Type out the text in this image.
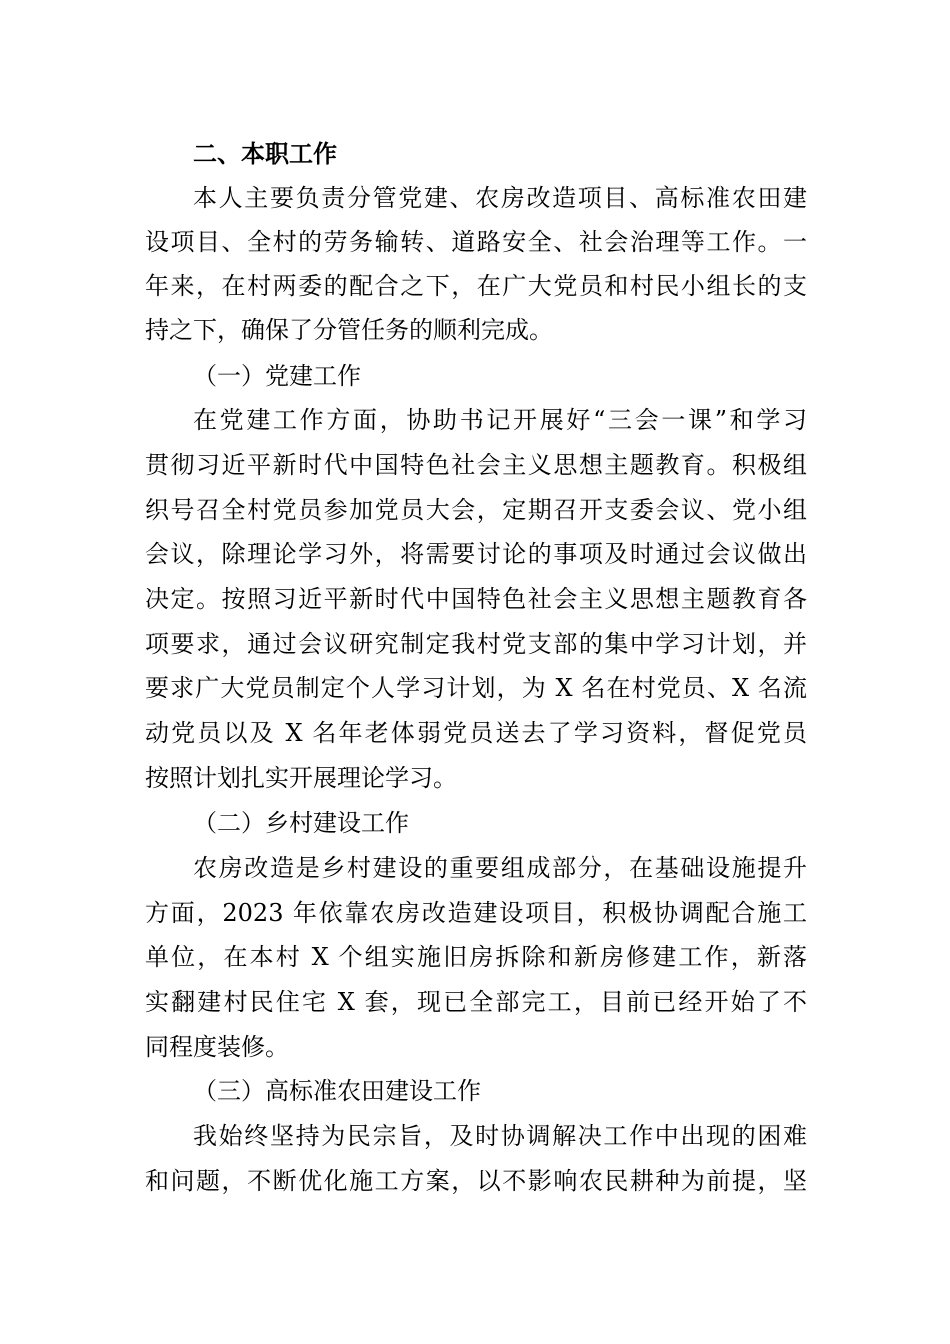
二、本职工作
本人主要负责分管党建、农房改造项目、高标准农田建
设项目、全村的劳务输转、道路安全、社会治理等工作。一
年来，在村两委的配合之下，在广大党员和村民小组长的支
持之下，确保了分管任务的顺利完成。
（一）党建工作
在党建工作方面，协助书记开展好“三会一课”和学习
贯彻习近平新时代中国特色社会主义思想主题教育。积极组
织号召全村党员参加党员大会，定期召开支委会议、党小组
会议，除理论学习外，将需要讨论的事项及时通过会议做出
决定。按照习近平新时代中国特色社会主义思想主题教育各
项要求，通过会议研究制定我村党支部的集中学习计划，并
要求广大党员制定个人学习计划，为 X 名在村党员、X 名流
动党员以及 X 名年老体弱党员送去了学习资料，督促党员
按照计划扎实开展理论学习。
（二）乡村建设工作
农房改造是乡村建设的重要组成部分，在基础设施提升
方面，2023 年依靠农房改造建设项目，积极协调配合施工
单位，在本村 X 个组实施旧房拆除和新房修建工作，新落
实翻建村民住宅 X 套，现已全部完工，目前已经开始了不
同程度装修。
（三）高标准农田建设工作
我始终坚持为民宗旨，及时协调解决工作中出现的困难
和问题，不断优化施工方案，以不影响农民耕种为前提，坚
